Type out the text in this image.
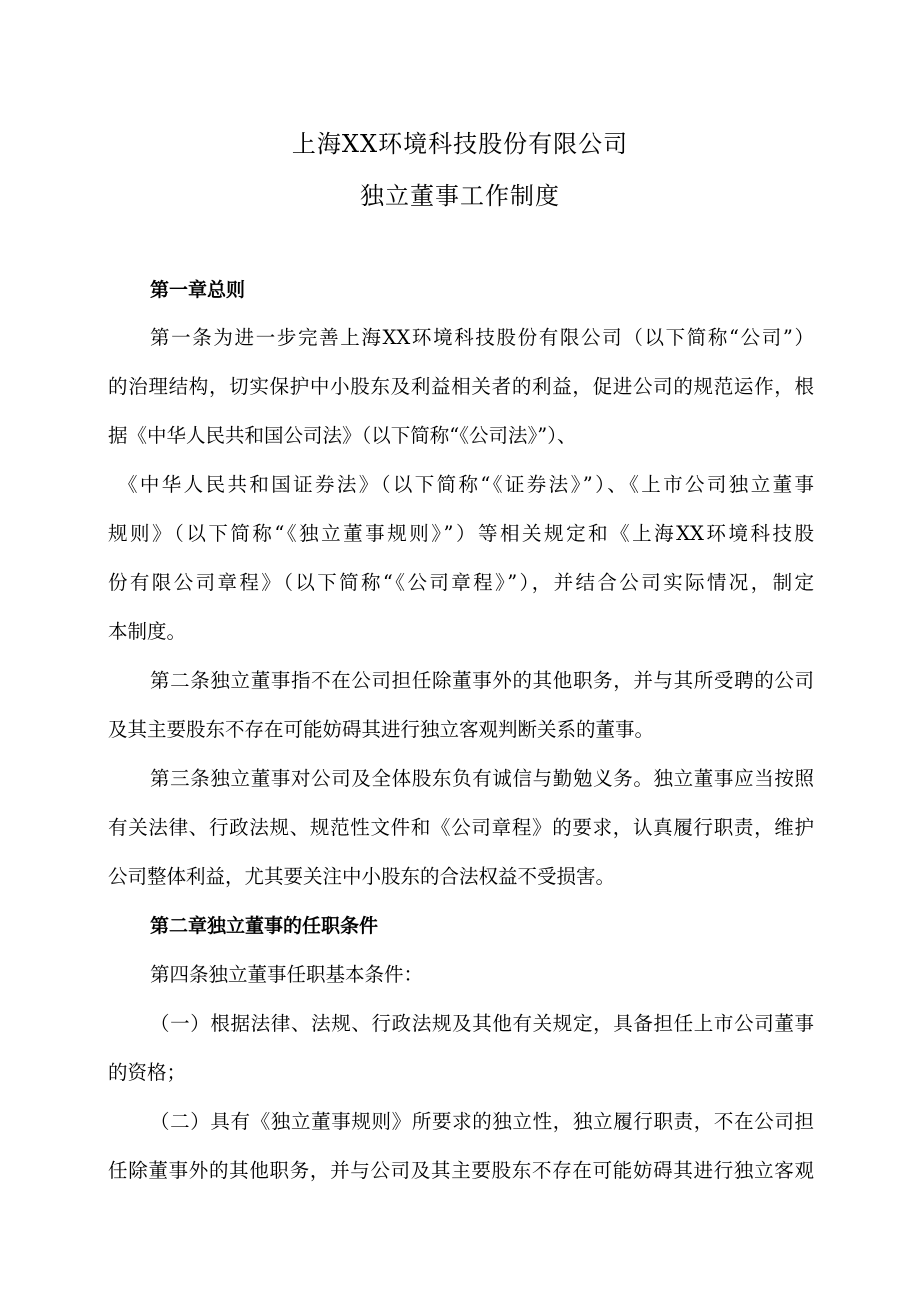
上海XX环境科技股份有限公司
独立董事工作制度
第一章总则
第一条为进一步完善上海XX环境科技股份有限公司（以下简称“公司”）
的治理结构，切实保护中小股东及利益相关者的利益，促进公司的规范运作，根
据《中华人民共和国公司法》（以下简称“《公司法》”）、
《中华人民共和国证券法》（以下简称“《证券法》”）、《上市公司独立董事
规则》（以下简称“《独立董事规则》”）等相关规定和《上海XX环境科技股
份有限公司章程》（以下简称“《公司章程》”），并结合公司实际情况，制定
本制度。
第二条独立董事指不在公司担任除董事外的其他职务，并与其所受聘的公司
及其主要股东不存在可能妨碍其进行独立客观判断关系的董事。
第三条独立董事对公司及全体股东负有诚信与勤勉义务。独立董事应当按照
有关法律、行政法规、规范性文件和《公司章程》的要求，认真履行职责，维护
公司整体利益，尤其要关注中小股东的合法权益不受损害。
第二章独立董事的任职条件
第四条独立董事任职基本条件：
（一）根据法律、法规、行政法规及其他有关规定，具备担任上市公司董事
的资格；
（二）具有《独立董事规则》所要求的独立性，独立履行职责，不在公司担
任除董事外的其他职务，并与公司及其主要股东不存在可能妨碍其进行独立客观
